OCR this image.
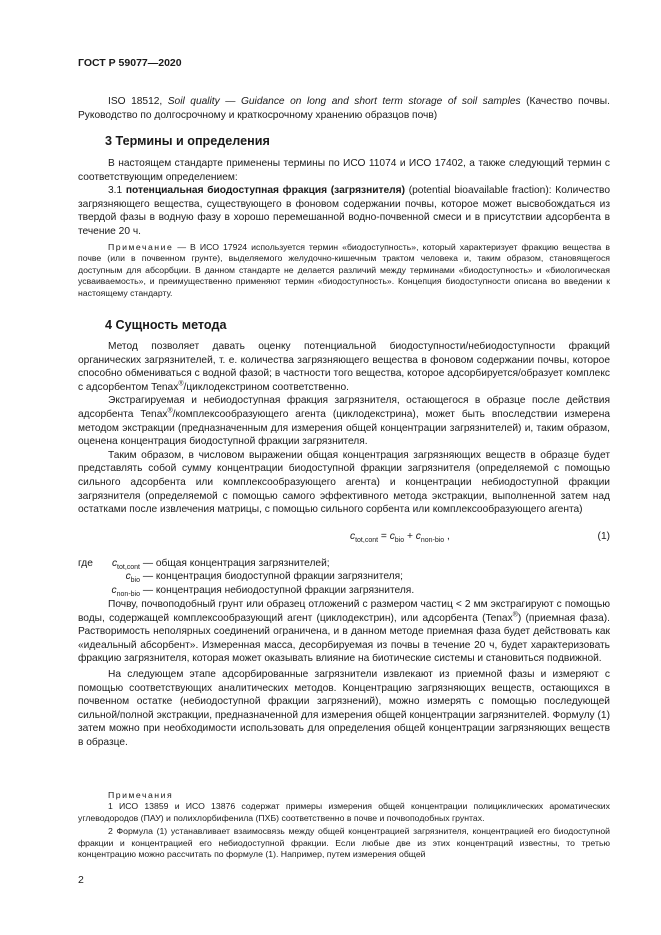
ГОСТ Р 59077—2020
ISO 18512, Soil quality — Guidance on long and short term storage of soil samples (Качество почвы. Руководство по долгосрочному и краткосрочному хранению образцов почв)
3 Термины и определения

В настоящем стандарте применены термины по ИСО 11074 и ИСО 17402, а также следующий термин с соответствующим определением:

3.1 потенциальная биодоступная фракция (загрязнителя) (potential bioavailable fraction): Количество загрязняющего вещества, существующего в фоновом содержании почвы, которое может высвобождаться из твердой фазы в водную фазу в хорошо перемешанной водно-почвенной смеси и в присутствии адсорбента в течение 20 ч.

Примечание — В ИСО 17924 используется термин «биодоступность», который характеризует фракцию вещества в почве (или в почвенном грунте), выделяемого желудочно-кишечным трактом человека и, таким образом, становящегося доступным для абсорбции. В данном стандарте не делается различий между терминами «биодоступность» и «биологическая усваиваемость», и преимущественно применяют термин «биодоступность». Концепция биодоступности описана во введении к настоящему стандарту.
4 Сущность метода

Метод позволяет давать оценку потенциальной биодоступности/небиодоступности фракций органических загрязнителей, т. е. количества загрязняющего вещества в фоновом содержании почвы, которое способно обмениваться с водной фазой; в частности того вещества, которое адсорбируется/образует комплекс с адсорбентом Tenax®/циклодекстрином соответственно.

Экстрагируемая и небиодоступная фракция загрязнителя, остающегося в образце после действия адсорбента Tenax®/комплексообразующего агента (циклодекстрина), может быть впоследствии измерена методом экстракции (предназначенным для измерения общей концентрации загрязнителей) и, таким образом, оценена концентрация биодоступной фракции загрязнителя.

Таким образом, в числовом выражении общая концентрация загрязняющих веществ в образце будет представлять собой сумму концентрации биодоступной фракции загрязнителя (определяемой с помощью сильного адсорбента или комплексообразующего агента) и концентрации небиодоступной фракции загрязнителя (определяемой с помощью самого эффективного метода экстракции, выполненной затем над остатками после извлечения матрицы, с помощью сильного сорбента или комплексообразующего агента)

$c_{tot,cont} = c_{bio} + c_{non-bio}$ ,	(1)
где $c_{tot,cont}$ — общая концентрация загрязнителей;
$c_{bio}$ — концентрация биодоступной фракции загрязнителя;
$c_{non-bio}$ — концентрация небиодоступной фракции загрязнителя.

Почву, почвоподобный грунт или образец отложений с размером частиц < 2 мм экстрагируют с помощью воды, содержащей комплексообразующий агент (циклодекстрин), или адсорбента (Tenax®) (приемная фаза). Растворимость неполярных соединений ограничена, и в данном методе приемная фаза будет действовать как «идеальный абсорбент». Измеренная масса, десорбируемая из почвы в течение 20 ч, будет характеризовать фракцию загрязнителя, которая может оказывать влияние на биотические системы и становиться подвижной.

На следующем этапе адсорбированные загрязнители извлекают из приемной фазы и измеряют с помощью соответствующих аналитических методов. Концентрацию загрязняющих веществ, остающихся в почвенном остатке (небиодоступной фракции загрязнений), можно измерять с помощью последующей сильной/полной экстракции, предназначенной для измерения общей концентрации загрязнителей. Формулу (1) затем можно при необходимости использовать для определения общей концентрации загрязняющих веществ в образце.

Примечания

1 ИСО 13859 и ИСО 13876 содержат примеры измерения общей концентрации полициклических ароматических углеводородов (ПАУ) и полихлорбифенила (ПХБ) соответственно в почве и почвоподобных грунтах.

2 Формула (1) устанавливает взаимосвязь между общей концентрацией загрязнителя, концентрацией его биодоступной фракции и концентрацией его небиодоступной фракции. Если любые две из этих концентраций известны, то третью концентрацию можно рассчитать по формуле (1). Например, путем измерения общей

2
